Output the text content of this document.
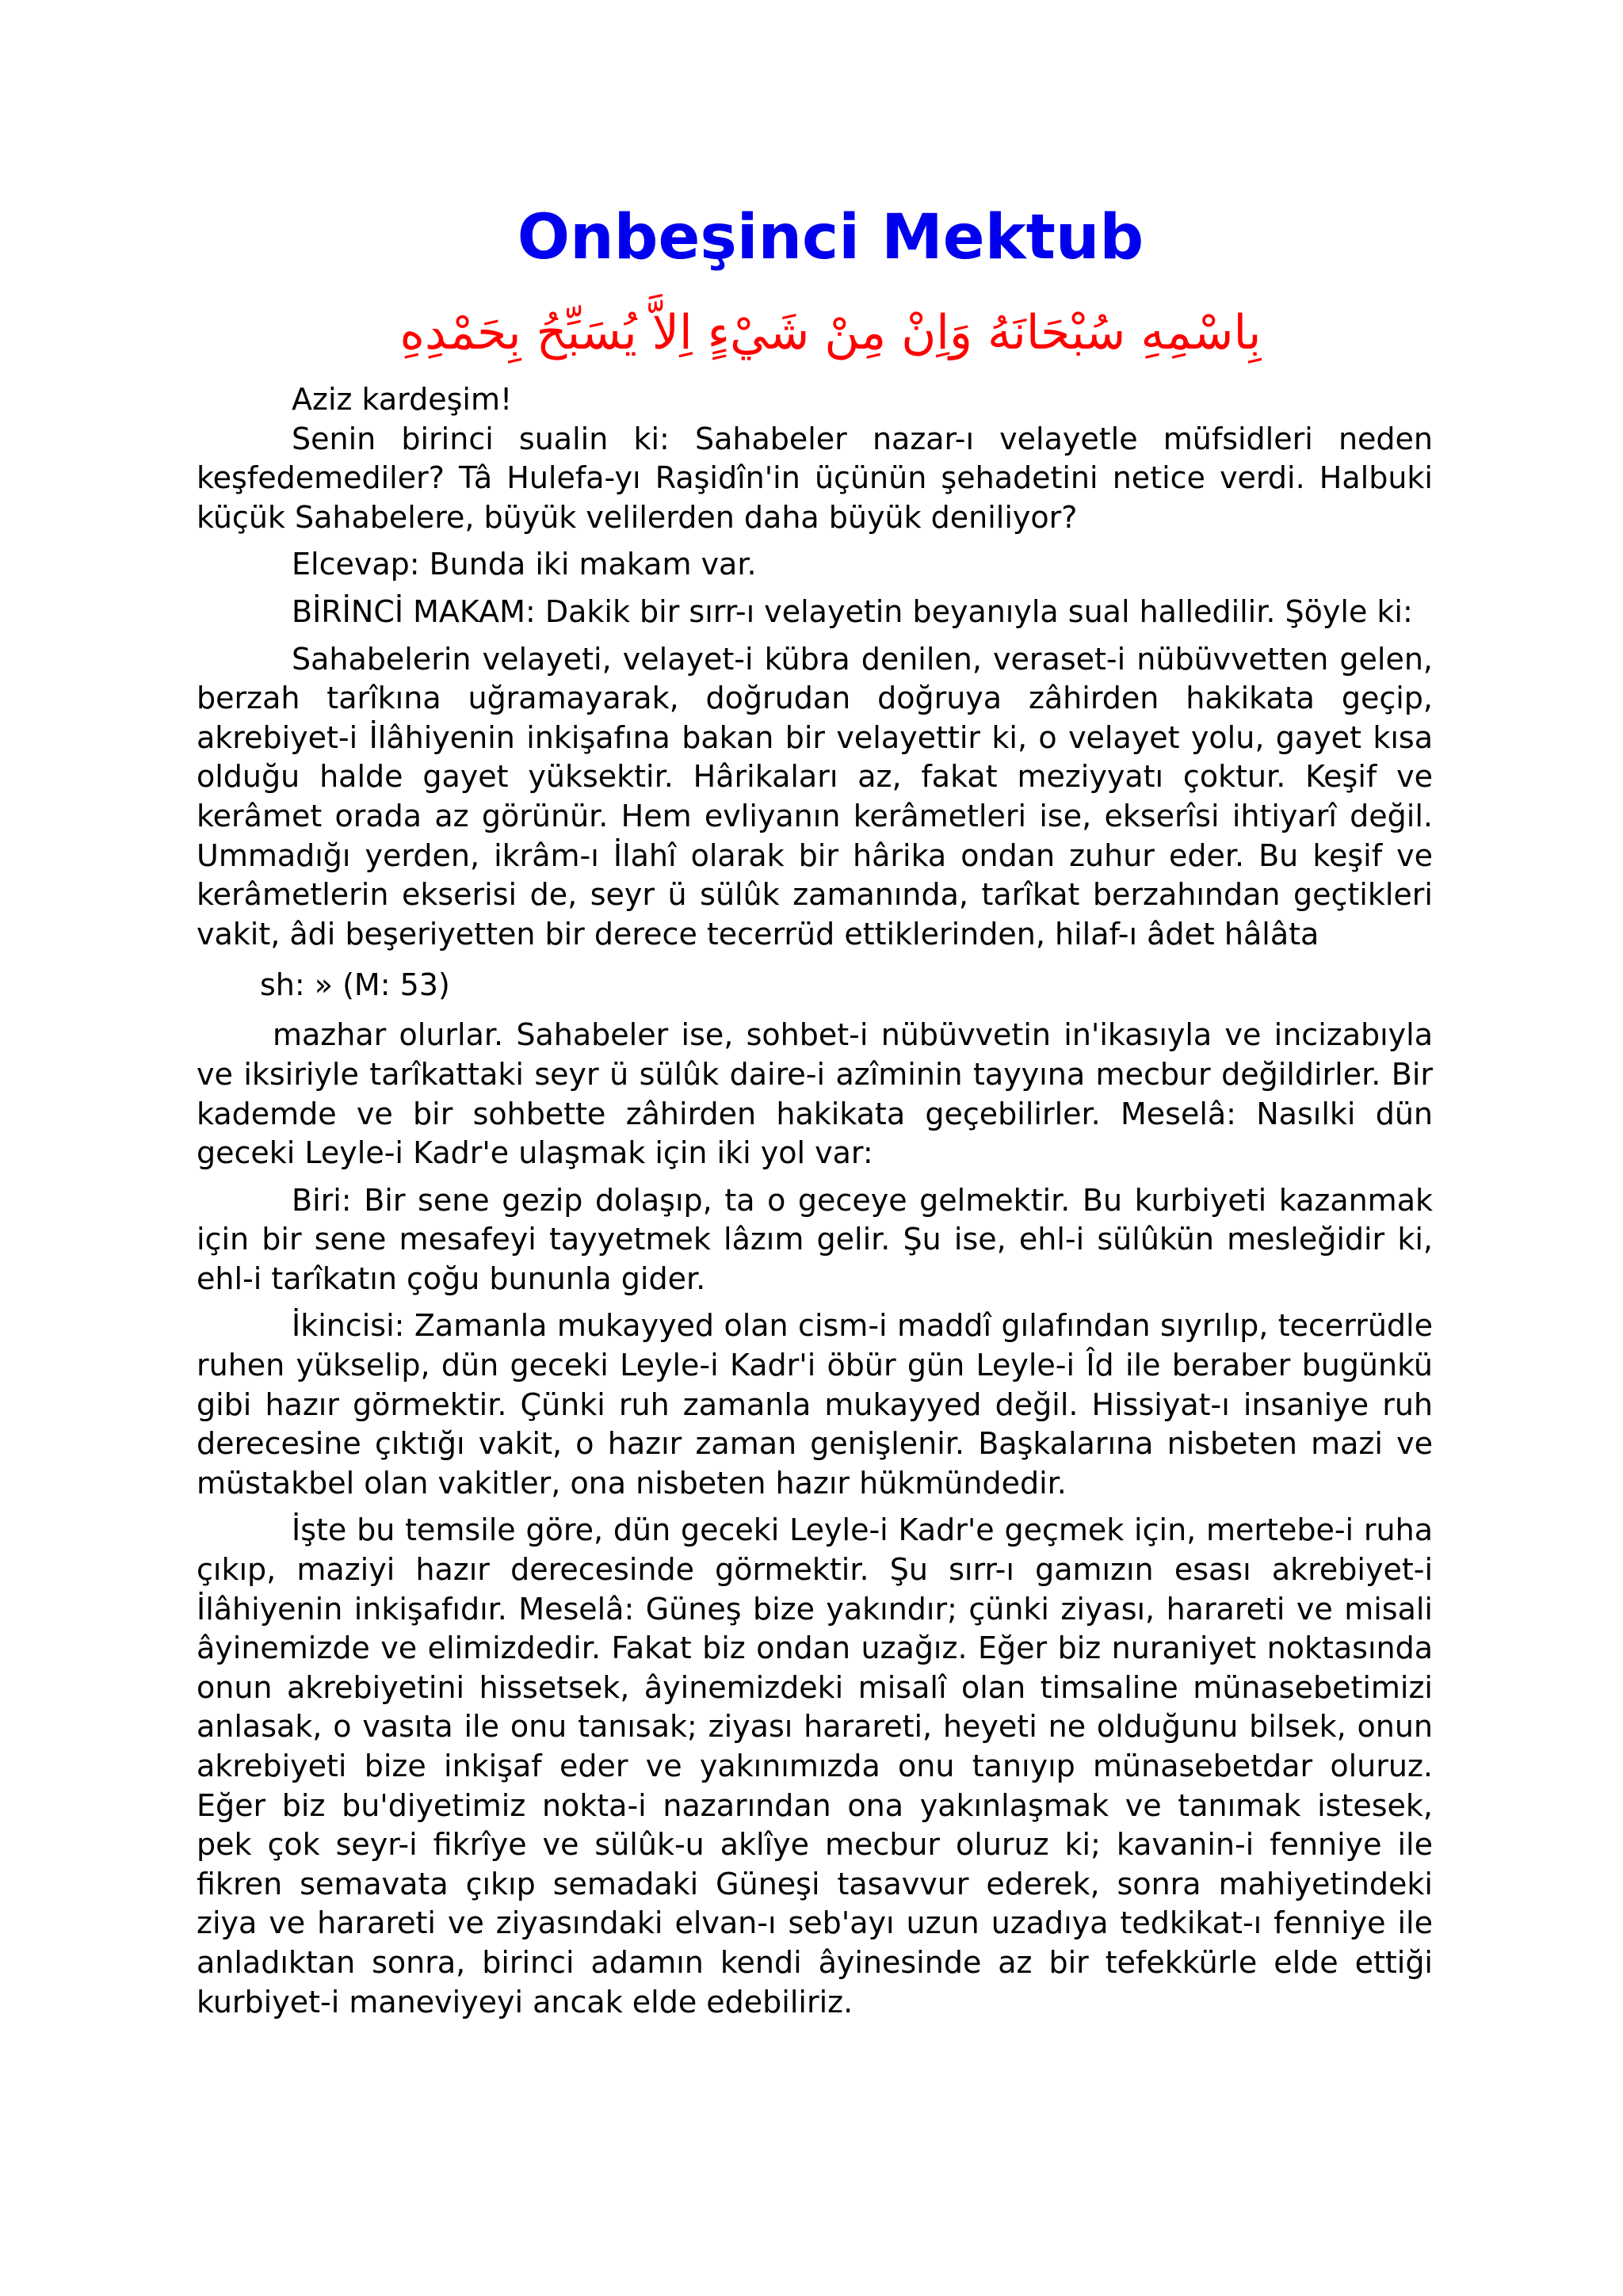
Onbeşinci Mektub
بِاسْمِهِ سُبْحَانَهُ وَاِنْ مِنْ شَيْءٍ اِلاَّ يُسَبِّحُ بِحَمْدِهِ

Aziz kardeşim!

Senin birinci sualin ki: Sahabeler nazar-ı velayetle müfsidleri neden keşfedemediler? Tâ Hulefa-yı Raşidîn'in üçünün şehadetini netice verdi. Halbuki küçük Sahabelere, büyük velilerden daha büyük deniliyor?

Elcevap: Bunda iki makam var.

BİRİNCİ MAKAM: Dakik bir sırr-ı velayetin beyanıyla sual halledilir. Şöyle ki:

Sahabelerin velayeti, velayet-i kübra denilen, veraset-i nübüvvetten gelen, berzah tarîkına uğramayarak, doğrudan doğruya zâhirden hakikata geçip, akrebiyet-i İlâhiyenin inkişafına bakan bir velayettir ki, o velayet yolu, gayet kısa olduğu halde gayet yüksektir. Hârikaları az, fakat meziyyatı çoktur. Keşif ve kerâmet orada az görünür. Hem evliyanın kerâmetleri ise, ekserîsi ihtiyarî değil. Ummadığı yerden, ikrâm-ı İlahî olarak bir hârika ondan zuhur eder. Bu keşif ve kerâmetlerin ekserisi de, seyr ü sülûk zamanında, tarîkat berzahından geçtikleri vakit, âdi beşeriyetten bir derece tecerrüd ettiklerinden, hilaf-ı âdet hâlâta

sh: » (M: 53)

mazhar olurlar. Sahabeler ise, sohbet-i nübüvvetin in'ikasıyla ve incizabıyla ve iksiriyle tarîkattaki seyr ü sülûk daire-i azîminin tayyına mecbur değildirler. Bir kademde ve bir sohbette zâhirden hakikata geçebilirler. Meselâ: Nasılki dün geceki Leyle-i Kadr'e ulaşmak için iki yol var:

Biri: Bir sene gezip dolaşıp, ta o geceye gelmektir. Bu kurbiyeti kazanmak için bir sene mesafeyi tayyetmek lâzım gelir. Şu ise, ehl-i sülûkün mesleğidir ki, ehl-i tarîkatın çoğu bununla gider.

İkincisi: Zamanla mukayyed olan cism-i maddî gılafından sıyrılıp, tecerrüdle ruhen yükselip, dün geceki Leyle-i Kadr'i öbür gün Leyle-i Îd ile beraber bugünkü gibi hazır görmektir. Çünki ruh zamanla mukayyed değil. Hissiyat-ı insaniye ruh derecesine çıktığı vakit, o hazır zaman genişlenir. Başkalarına nisbeten mazi ve müstakbel olan vakitler, ona nisbeten hazır hükmündedir.

İşte bu temsile göre, dün geceki Leyle-i Kadr'e geçmek için, mertebe-i ruha çıkıp, maziyi hazır derecesinde görmektir. Şu sırr-ı gamızın esası akrebiyet-i İlâhiyenin inkişafıdır. Meselâ: Güneş bize yakındır; çünki ziyası, harareti ve misali âyinemizde ve elimizdedir. Fakat biz ondan uzağız. Eğer biz nuraniyet noktasında onun akrebiyetini hissetsek, âyinemizdeki misalî olan timsaline münasebetimizi anlasak, o vasıta ile onu tanısak; ziyası harareti, heyeti ne olduğunu bilsek, onun akrebiyeti bize inkişaf eder ve yakınımızda onu tanıyıp münasebetdar oluruz. Eğer biz bu'diyetimiz nokta-i nazarından ona yakınlaşmak ve tanımak istesek, pek çok seyr-i fikrîye ve sülûk-u aklîye mecbur oluruz ki; kavanin-i fenniye ile fikren semavata çıkıp semadaki Güneşi tasavvur ederek, sonra mahiyetindeki ziya ve harareti ve ziyasındaki elvan-ı seb'ayı uzun uzadıya tedkikat-ı fenniye ile anladıktan sonra, birinci adamın kendi âyinesinde az bir tefekkürle elde ettiği kurbiyet-i maneviyeyi ancak elde edebiliriz.
